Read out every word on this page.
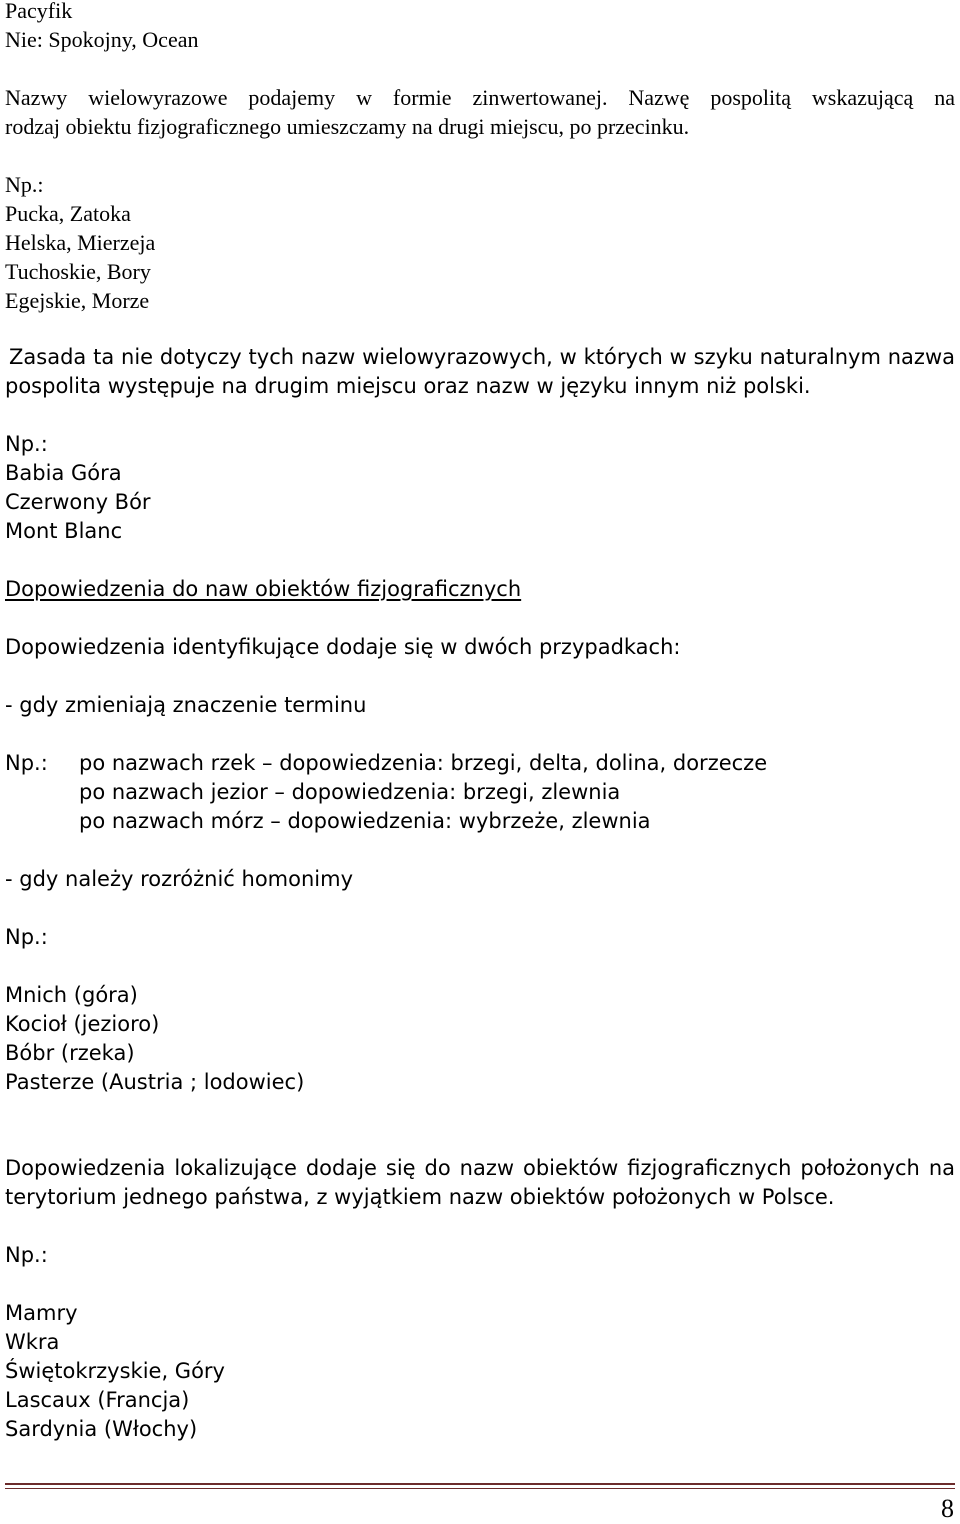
Pacyfik
Nie: Spokojny, Ocean
Nazwy wielowyrazowe podajemy w formie zinwertowanej. Nazwę pospolitą wskazującą na
rodzaj obiektu fizjograficznego umieszczamy na drugi miejscu, po przecinku.
Np.:
Pucka, Zatoka
Helska, Mierzeja
Tuchoskie, Bory
Egejskie, Morze
Zasada ta nie dotyczy tych nazw wielowyrazowych, w których w szyku naturalnym nazwa
pospolita występuje na drugim miejscu oraz nazw w języku innym niż polski.
Np.:
Babia Góra
Czerwony Bór
Mont Blanc
Dopowiedzenia do naw obiektów fizjograficznych
Dopowiedzenia identyfikujące dodaje się w dwóch przypadkach:
- gdy zmieniają znaczenie terminu
Np.: po nazwach rzek – dopowiedzenia: brzegi, delta, dolina, dorzecze
po nazwach jezior – dopowiedzenia: brzegi, zlewnia
po nazwach mórz – dopowiedzenia: wybrzeże, zlewnia
- gdy należy rozróżnić homonimy
Np.:
Mnich (góra)
Kocioł (jezioro)
Bóbr (rzeka)
Pasterze (Austria ; lodowiec)
Dopowiedzenia lokalizujące dodaje się do nazw obiektów fizjograficznych położonych na
terytorium jednego państwa, z wyjątkiem nazw obiektów położonych w Polsce.
Np.:
Mamry
Wkra
Świętokrzyskie, Góry
Lascaux (Francja)
Sardynia (Włochy)
8
